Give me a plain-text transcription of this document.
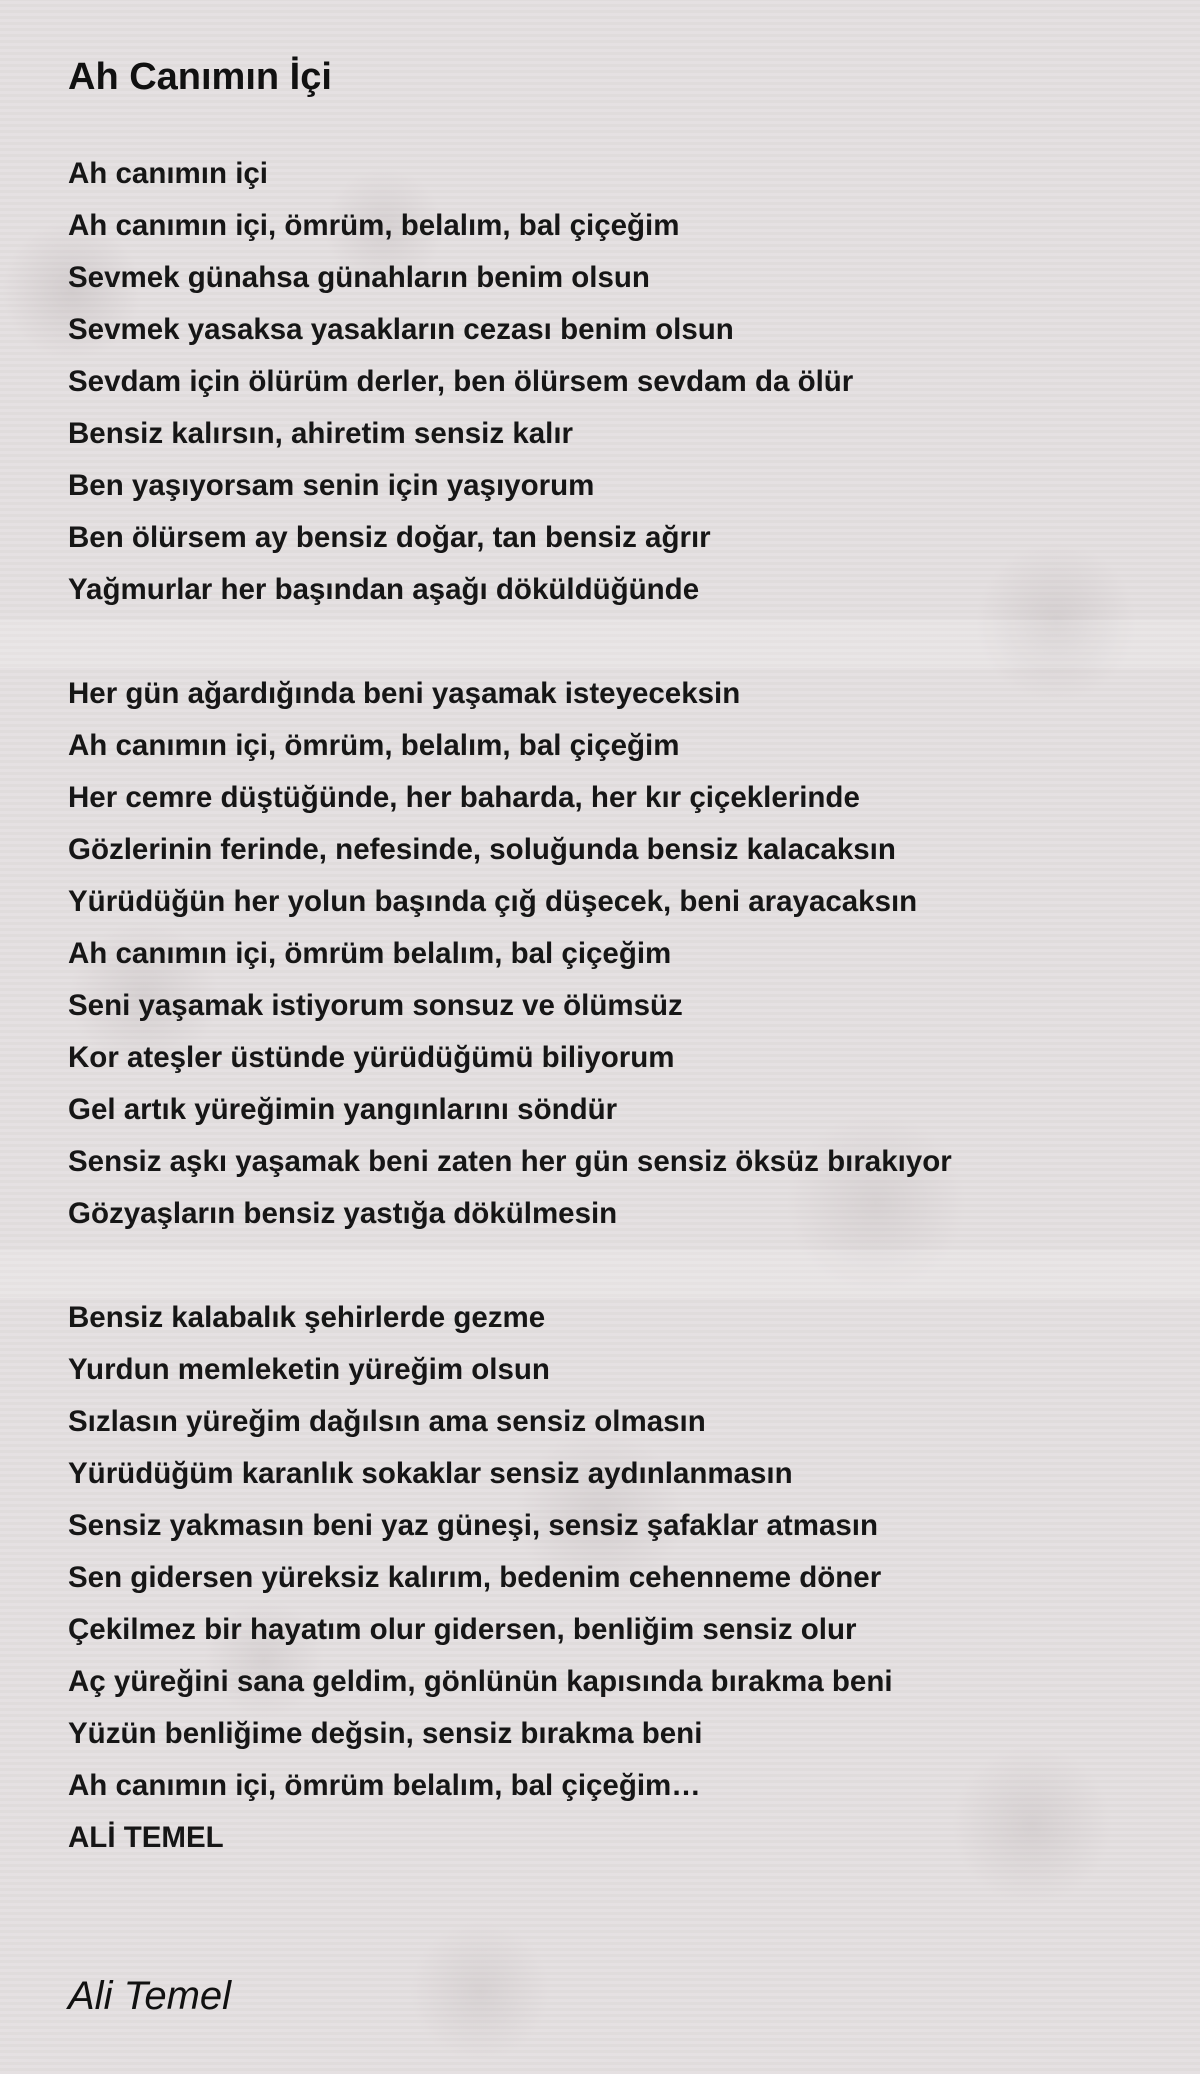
Ah Canımın İçi
Ah canımın içi
Ah canımın içi, ömrüm, belalım, bal çiçeğim
Sevmek günahsa günahların benim olsun
Sevmek yasaksa yasakların cezası benim olsun
Sevdam için ölürüm derler, ben ölürsem sevdam da ölür
Bensiz kalırsın, ahiretim sensiz kalır
Ben yaşıyorsam senin için yaşıyorum
Ben ölürsem ay bensiz doğar, tan bensiz ağrır
Yağmurlar her başından aşağı döküldüğünde
Her gün ağardığında beni yaşamak isteyeceksin
Ah canımın içi, ömrüm, belalım, bal çiçeğim
Her cemre düştüğünde, her baharda, her kır çiçeklerinde
Gözlerinin ferinde, nefesinde, soluğunda bensiz kalacaksın
Yürüdüğün her yolun başında çığ düşecek, beni arayacaksın
Ah canımın içi, ömrüm belalım, bal çiçeğim
Seni yaşamak istiyorum sonsuz ve ölümsüz
Kor ateşler üstünde yürüdüğümü biliyorum
Gel artık yüreğimin yangınlarını söndür
Sensiz aşkı yaşamak beni zaten her gün sensiz öksüz bırakıyor
Gözyaşların bensiz yastığa dökülmesin
Bensiz kalabalık şehirlerde gezme
Yurdun memleketin yüreğim olsun
Sızlasın yüreğim dağılsın ama sensiz olmasın
Yürüdüğüm karanlık sokaklar sensiz aydınlanmasın
Sensiz yakmasın beni yaz güneşi, sensiz şafaklar atmasın
Sen gidersen yüreksiz kalırım, bedenim cehenneme döner
Çekilmez bir hayatım olur gidersen, benliğim sensiz olur
Aç yüreğini sana geldim, gönlünün kapısında bırakma beni
Yüzün benliğime değsin, sensiz bırakma beni
Ah canımın içi, ömrüm belalım, bal çiçeğim…
ALİ TEMEL
Ali Temel
